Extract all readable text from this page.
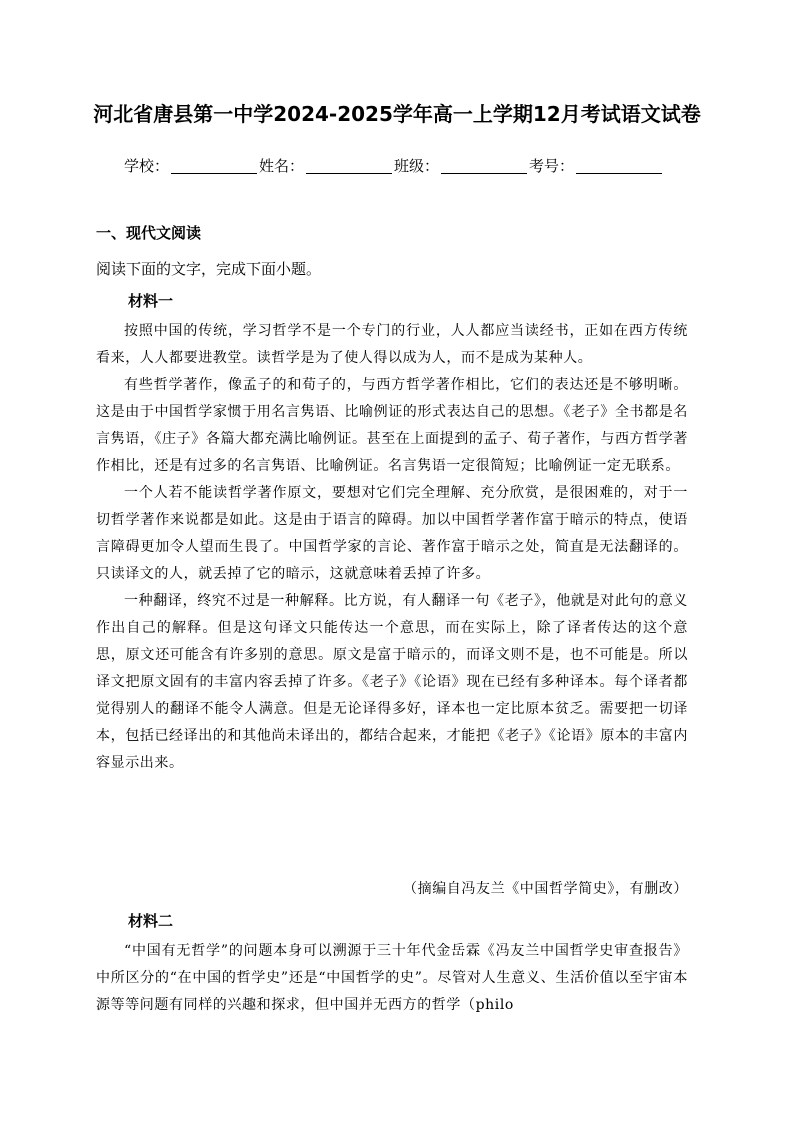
河北省唐县第一中学2024-2025学年高一上学期12月考试语文试卷
学校：	姓名：	班级：	考号：
一、现代文阅读
阅读下面的文字，完成下面小题。
材料一

按照中国的传统，学习哲学不是一个专门的行业，人人都应当读经书，正如在西方传统看来，人人都要进教堂。读哲学是为了使人得以成为人，而不是成为某种人。

有些哲学著作，像孟子的和荀子的，与西方哲学著作相比，它们的表达还是不够明晰。这是由于中国哲学家惯于用名言隽语、比喻例证的形式表达自己的思想。《老子》全书都是名言隽语，《庄子》各篇大都充满比喻例证。甚至在上面提到的孟子、荀子著作，与西方哲学著作相比，还是有过多的名言隽语、比喻例证。名言隽语一定很简短；比喻例证一定无联系。

一个人若不能读哲学著作原文，要想对它们完全理解、充分欣赏，是很困难的，对于一切哲学著作来说都是如此。这是由于语言的障碍。加以中国哲学著作富于暗示的特点，使语言障碍更加令人望而生畏了。中国哲学家的言论、著作富于暗示之处，简直是无法翻译的。只读译文的人，就丢掉了它的暗示，这就意味着丢掉了许多。

一种翻译，终究不过是一种解释。比方说，有人翻译一句《老子》，他就是对此句的意义作出自己的解释。但是这句译文只能传达一个意思，而在实际上，除了译者传达的这个意思，原文还可能含有许多别的意思。原文是富于暗示的，而译文则不是，也不可能是。所以译文把原文固有的丰富内容丢掉了许多。《老子》《论语》现在已经有多种译本。每个译者都觉得别人的翻译不能令人满意。但是无论译得多好，译本也一定比原本贫乏。需要把一切译本，包括已经译出的和其他尚未译出的，都结合起来，才能把《老子》《论语》原本的丰富内容显示出来。

（摘编自冯友兰《中国哲学简史》，有删改）
材料二

“中国有无哲学”的问题本身可以溯源于三十年代金岳霖《冯友兰中国哲学史审查报告》中所区分的“在中国的哲学史”还是“中国哲学的史”。尽管对人生意义、生活价值以至宇宙本源等等问题有同样的兴趣和探求，但中国并无西方的哲学（philo
